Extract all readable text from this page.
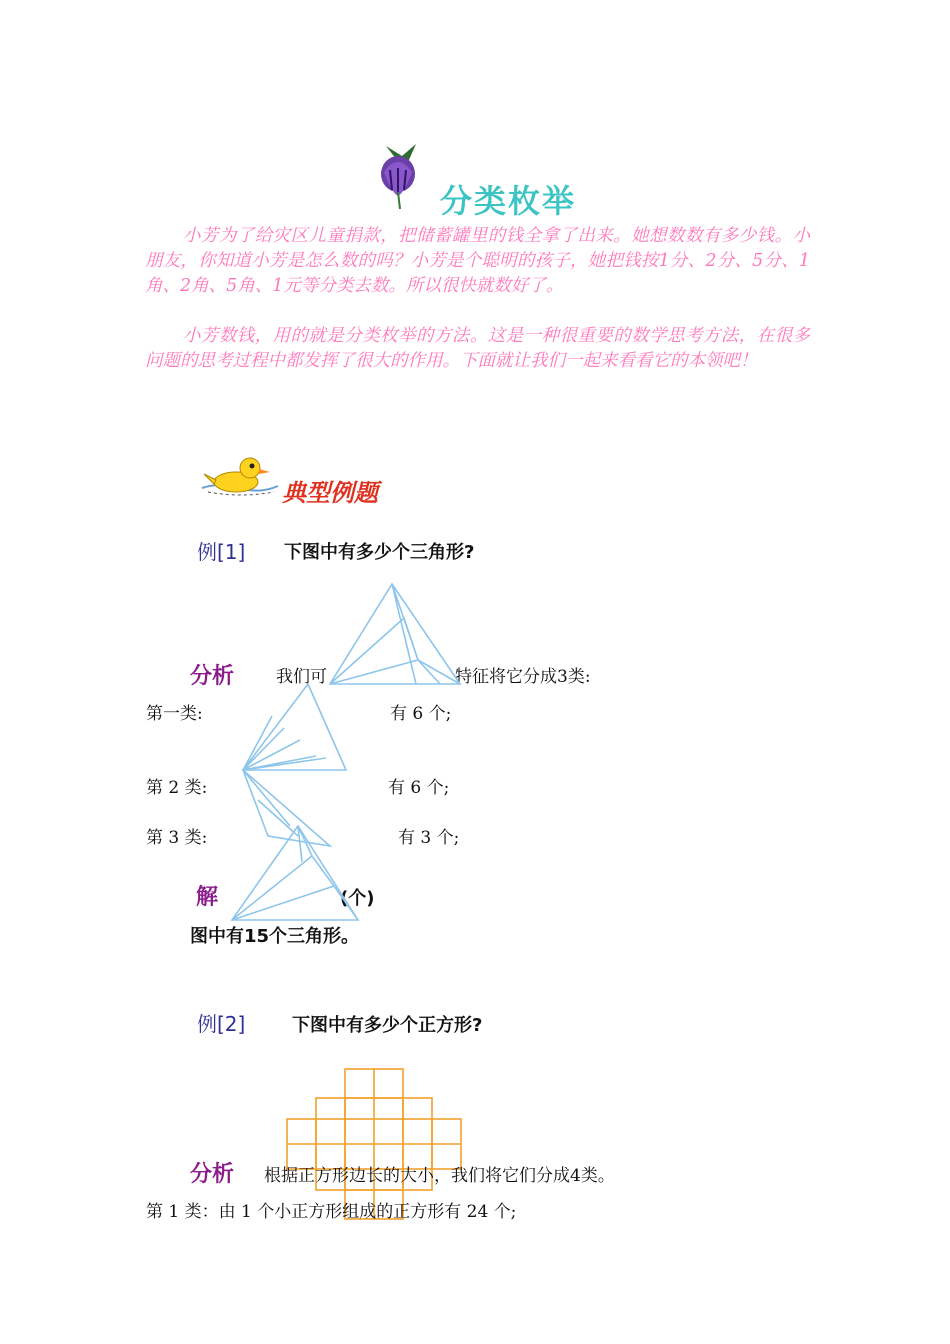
分类枚举
小芳为了给灾区儿童捐款，把储蓄罐里的钱全拿了出来。她想数数有多少钱。小朋友，你知道小芳是怎么数的吗？小芳是个聪明的孩子，她把钱按1分、2分、5分、1角、2角、5角、1元等分类去数。所以很快就数好了。
小芳数钱，用的就是分类枚举的方法。这是一种很重要的数学思考方法，在很多问题的思考过程中都发挥了很大的作用。下面就让我们一起来看看它的本领吧！
典型例题
例[1] 下图中有多少个三角形?
分析 我们可	特征将它分成3类:
第一类:	有 6 个;
第 2 类:	有 6 个;
第 3 类:	有 3 个;
解	(个)
图中有15个三角形。
例[2]	下图中有多少个正方形?
分析 根据正方形边长的大小，我们将它们分成4类。
第 1 类：由 1 个小正方形组成的正方形有 24 个;
